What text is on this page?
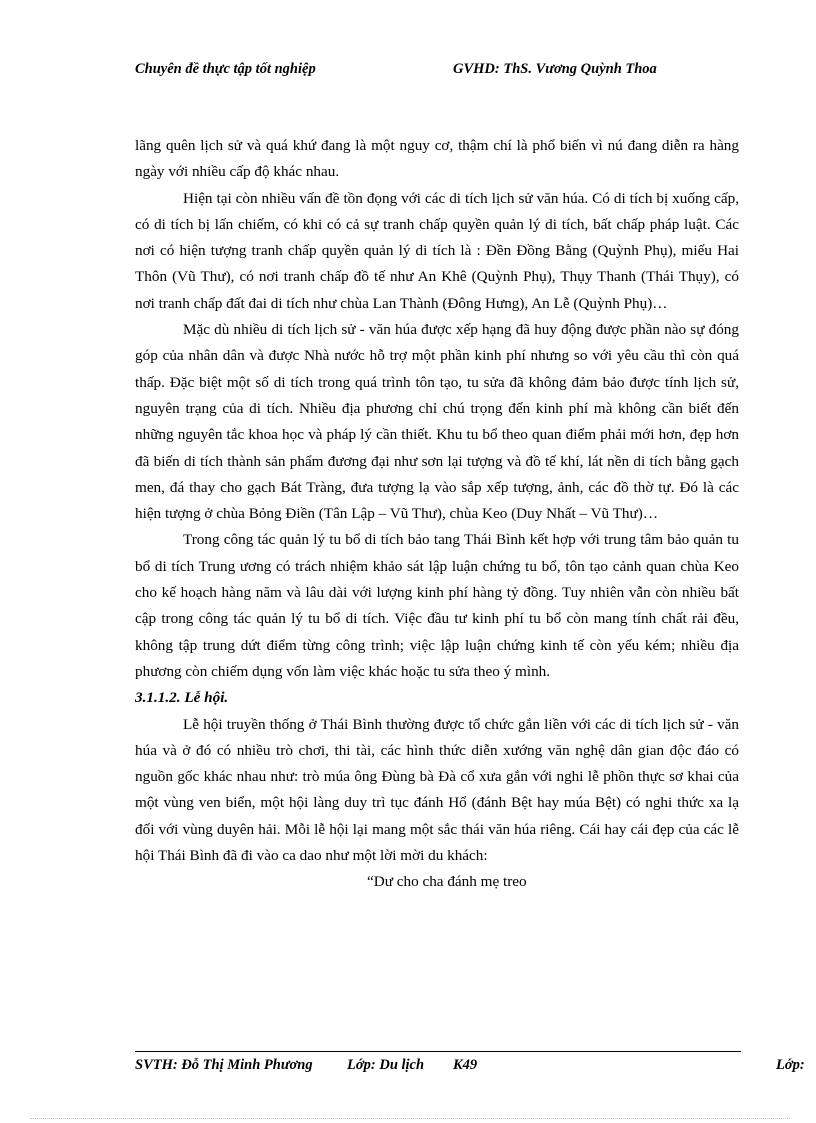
Chuyên đề thực tập tốt nghiệp	GVHD: ThS. Vương Quỳnh Thoa

lãng quên lịch sử và quá khứ đang là một nguy cơ, thậm chí là phổ biến vì nú đang diễn ra hàng ngày với nhiều cấp độ khác nhau.

Hiện tại còn nhiều vấn đề tồn đọng với các di tích lịch sử văn húa. Có di tích bị xuống cấp, có di tích bị lấn chiếm, có khi có cả sự tranh chấp quyền quản lý di tích, bất chấp pháp luật. Các nơi có hiện tượng tranh chấp quyền quản lý di tích là : Đền Đồng Bằng (Quỳnh Phụ), miếu Hai Thôn (Vũ Thư), có nơi tranh chấp đồ tế như An Khê (Quỳnh Phụ), Thụy Thanh (Thái Thụy), có nơi tranh chấp đất đai di tích như chùa Lan Thành (Đông Hưng), An Lễ (Quỳnh Phụ)…

Mặc dù nhiều di tích lịch sử - văn húa được xếp hạng đã huy động được phần nào sự đóng góp của nhân dân và được Nhà nước hỗ trợ một phần kinh phí nhưng so với yêu cầu thì còn quá thấp. Đặc biệt một số di tích trong quá trình tôn tạo, tu sửa đã không đảm bảo được tính lịch sử, nguyên trạng của di tích. Nhiều địa phương chỉ chú trọng đến kinh phí mà không cần biết đến những nguyên tắc khoa học và pháp lý cần thiết. Khu tu bổ theo quan điểm phải mới hơn, đẹp hơn đã biến di tích thành sản phẩm đương đại như sơn lại tượng và đồ tế khí, lát nền di tích bằng gạch men, đá thay cho gạch Bát Tràng, đưa tượng lạ vào sắp xếp tượng, ảnh, các đồ thờ tự. Đó là các hiện tượng ở chùa Bỏng Điền (Tân Lập – Vũ Thư), chùa Keo (Duy Nhất – Vũ Thư)…

Trong công tác quản lý tu bổ di tích bảo tang Thái Bình kết hợp với trung tâm bảo quản tu bổ di tích Trung ương có trách nhiệm khảo sát lập luận chứng tu bổ, tôn tạo cảnh quan chùa Keo cho kế hoạch hàng năm và lâu dài với lượng kinh phí hàng tỷ đồng. Tuy nhiên vẫn còn nhiều bất cập trong công tác quản lý tu bổ di tích. Việc đầu tư kinh phí tu bổ còn mang tính chất rải đều, không tập trung dứt điểm từng công trình; việc lập luận chứng kinh tế còn yếu kém; nhiều địa phương còn chiếm dụng vốn làm việc khác hoặc tu sửa theo ý mình.

3.1.1.2. Lễ hội.

Lễ hội truyền thống ở Thái Bình thường được tổ chức gắn liền với các di tích lịch sử - văn húa và ở đó có nhiều trò chơi, thi tài, các hình thức diễn xướng văn nghệ dân gian độc đáo có nguồn gốc khác nhau như: trò múa ông Đùng bà Đà cổ xưa gắn với nghi lễ phồn thực sơ khai của một vùng ven biển, một hội làng duy trì tục đánh Hổ (đánh Bệt hay múa Bệt) có nghi thức xa lạ đối với vùng duyên hải. Mỗi lễ hội lại mang một sắc thái văn húa riêng. Cái hay cái đẹp của các lễ hội Thái Bình đã đi vào ca dao như một lời mời du khách:

“Dư cho cha đánh mẹ treo

SVTH: Đỗ Thị Minh Phương Lớp: Du lịch K49	Lớp:
